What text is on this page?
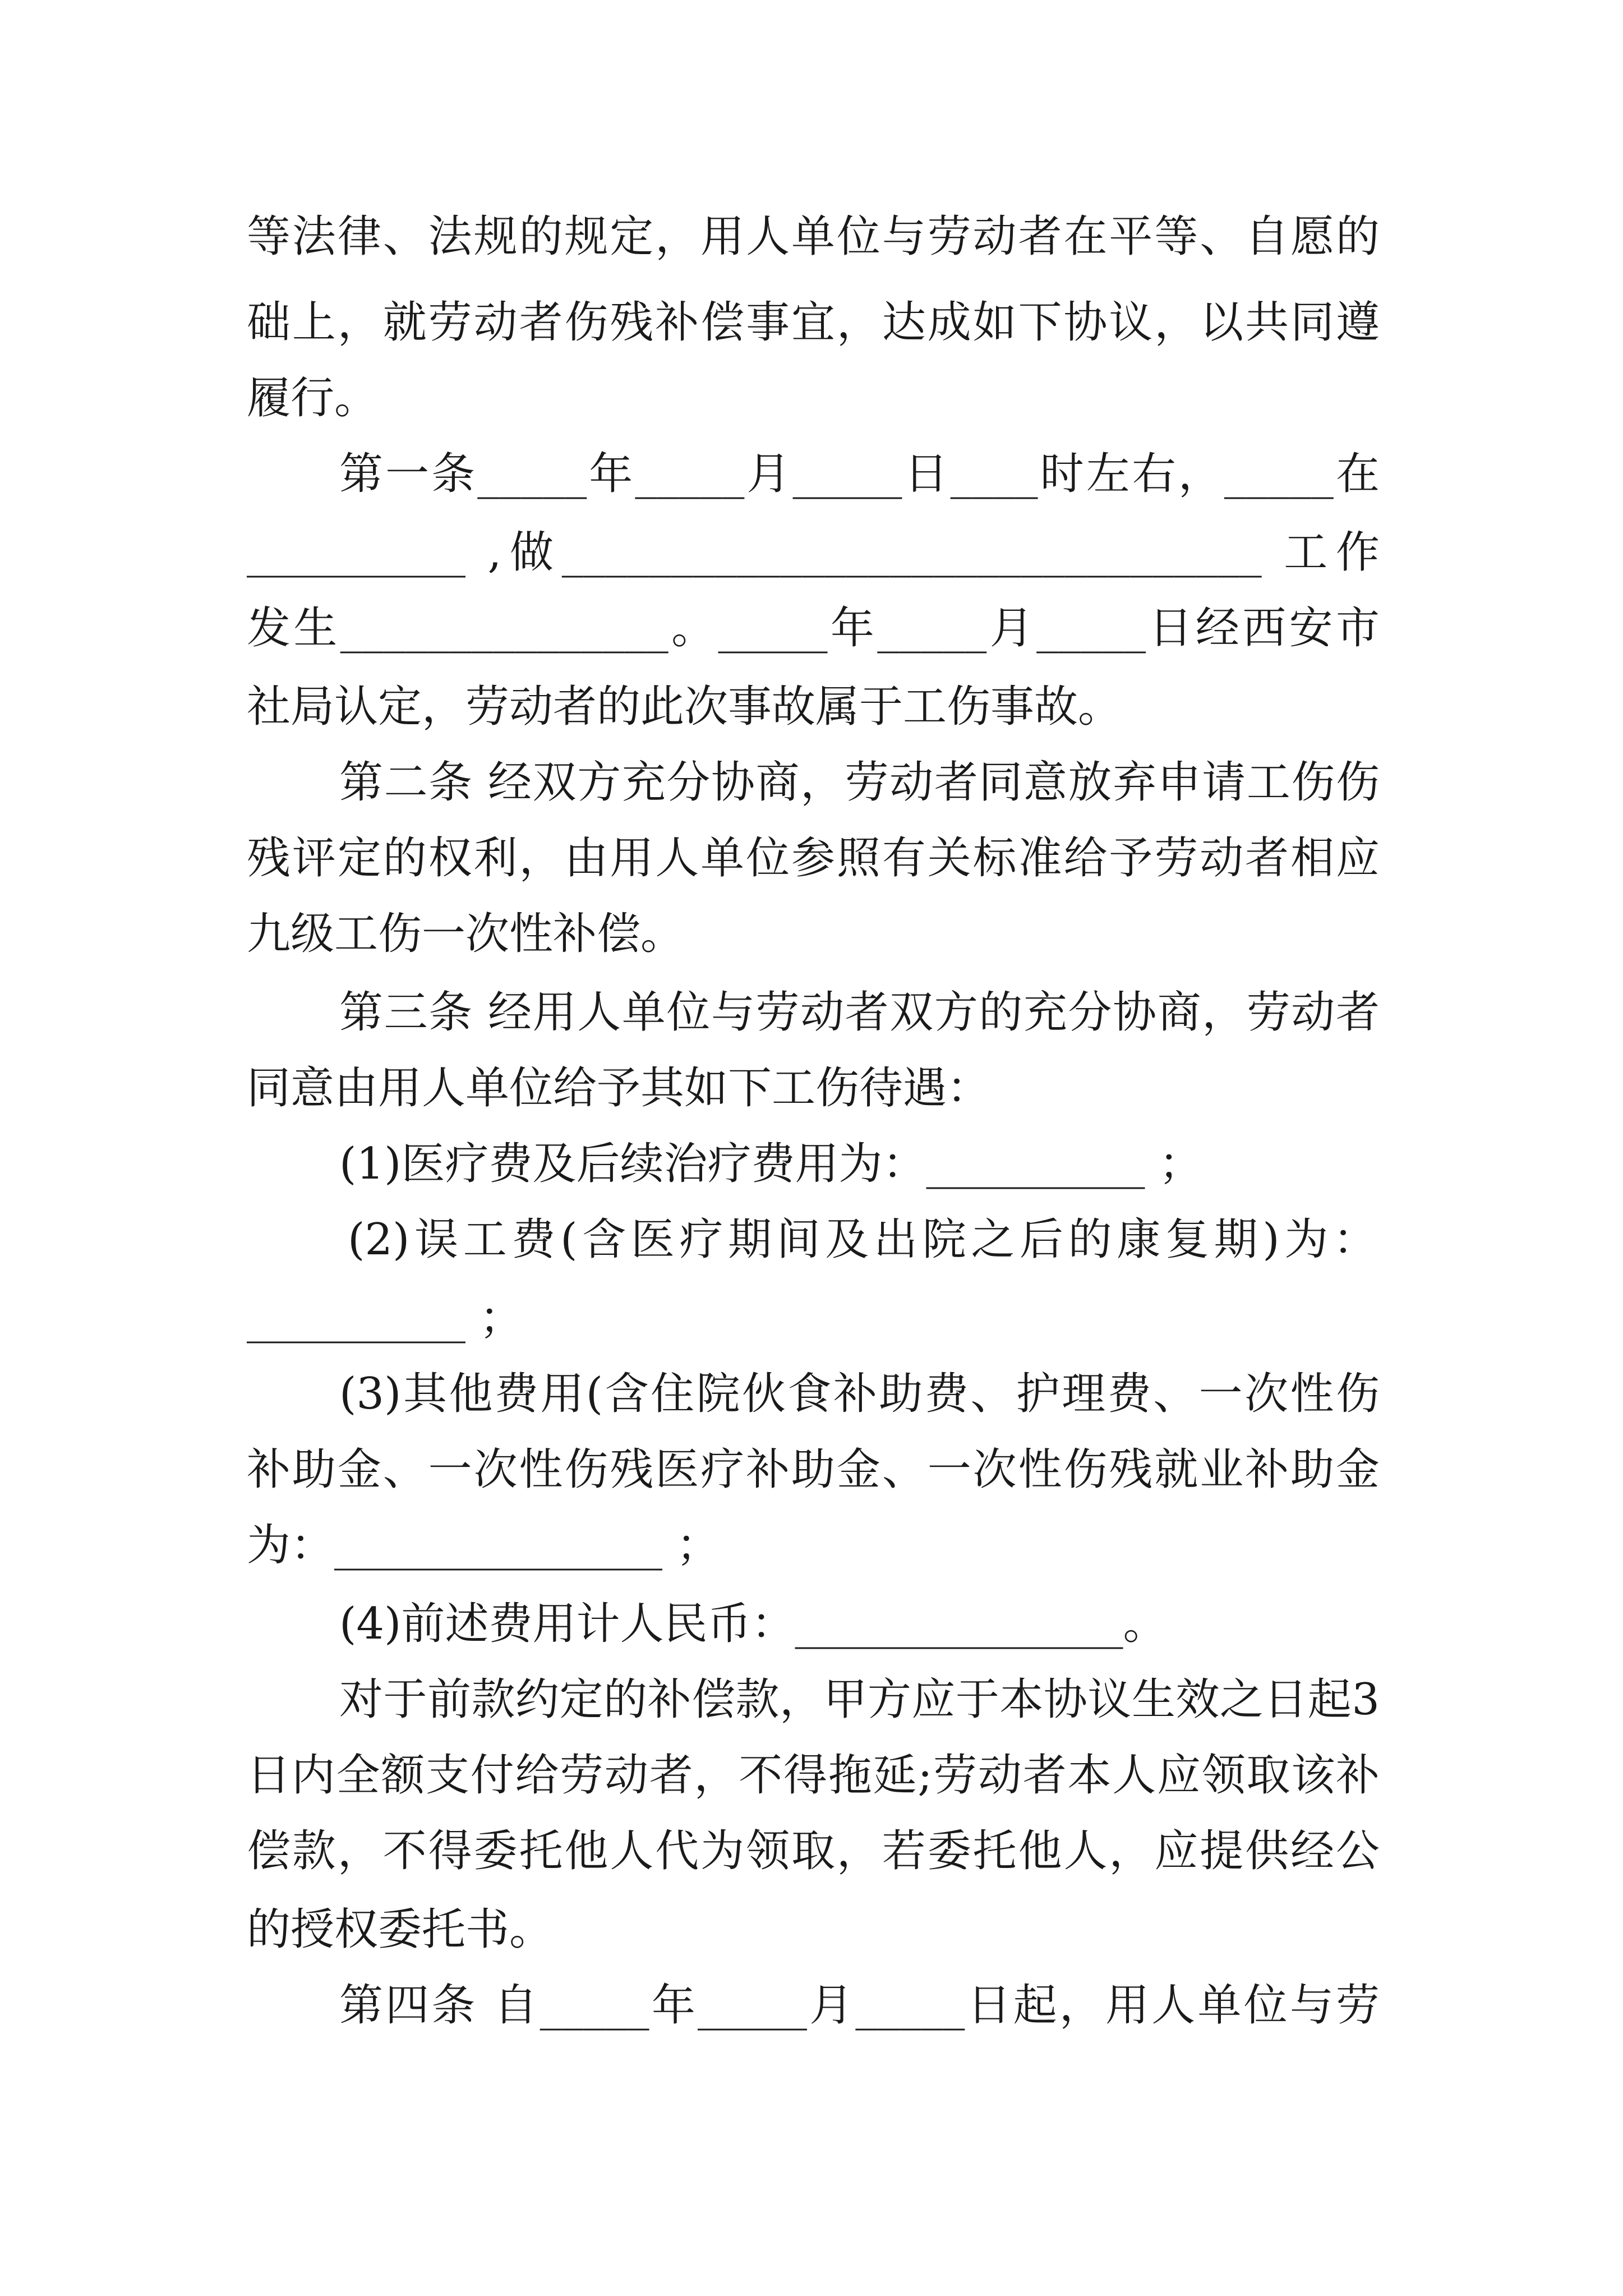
等法律、法规的规定，用人单位与劳动者在平等、自愿的
础上，就劳动者伤残补偿事宜，达成如下协议，以共同遵
履行。
第一条_____年_____月_____日____时左右，_____在
__________ ,做________________________________ 工作
发生_______________。_____年_____月_____日经西安市
社局认定，劳动者的此次事故属于工伤事故。
第二条 经双方充分协商，劳动者同意放弃申请工伤伤
残评定的权利，由用人单位参照有关标准给予劳动者相应
九级工伤一次性补偿。
第三条 经用人单位与劳动者双方的充分协商，劳动者
同意由用人单位给予其如下工伤待遇：
(1)医疗费及后续治疗费用为：__________ ；
(2)误工费(含医疗期间及出院之后的康复期)为：
__________ ；
(3)其他费用(含住院伙食补助费、护理费、一次性伤
补助金、一次性伤残医疗补助金、一次性伤残就业补助金
为：_______________ ；
(4)前述费用计人民币：_______________。
对于前款约定的补偿款，甲方应于本协议生效之日起3
日内全额支付给劳动者，不得拖延;劳动者本人应领取该补
偿款，不得委托他人代为领取，若委托他人，应提供经公
的授权委托书。
第四条 自_____年_____月_____日起，用人单位与劳
